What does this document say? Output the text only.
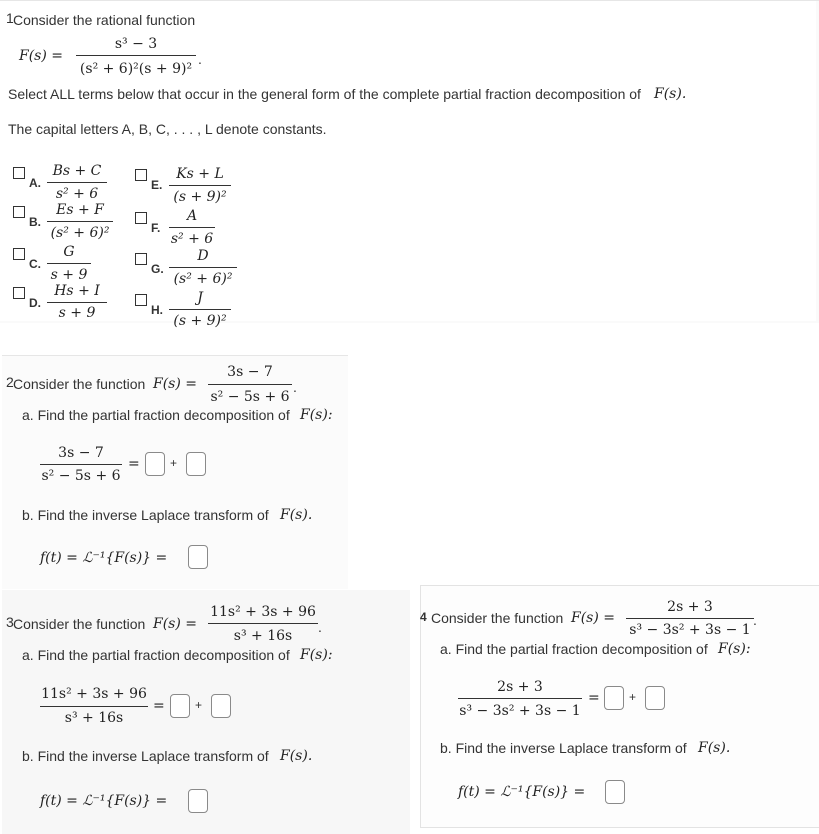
1 Consider the rational function
F(s) =
s³ − 3
(s² + 6)²(s + 9)²
.
Select ALL terms below that occur in the general form of the complete partial fraction decomposition of F(s).
The capital letters A, B, C, . . . , L denote constants.
A.
Bs + C
s² + 6
B.
Es + F
(s² + 6)²
C.
G
s + 9
D.
Hs + I
s + 9
E.
Ks + L
(s + 9)²
F.
A
s² + 6
G.
D
(s² + 6)²
H.
J
(s + 9)²
2 Consider the function F(s) =
3s − 7
s² − 5s + 6
.
a. Find the partial fraction decomposition of F(s):
3s − 7
s² − 5s + 6
=	+
b. Find the inverse Laplace transform of F(s).
f(t) = ℒ⁻¹{F(s)} =
3 Consider the function F(s) =
11s² + 3s + 96
s³ + 16s
.
a. Find the partial fraction decomposition of F(s):
11s² + 3s + 96
s³ + 16s
=	+
b. Find the inverse Laplace transform of F(s).
f(t) = ℒ⁻¹{F(s)} =
4 Consider the function F(s) =
2s + 3
s³ − 3s² + 3s − 1
.
a. Find the partial fraction decomposition of F(s):
2s + 3
s³ − 3s² + 3s − 1
= +
b. Find the inverse Laplace transform of F(s).
f(t) = ℒ⁻¹{F(s)} =
